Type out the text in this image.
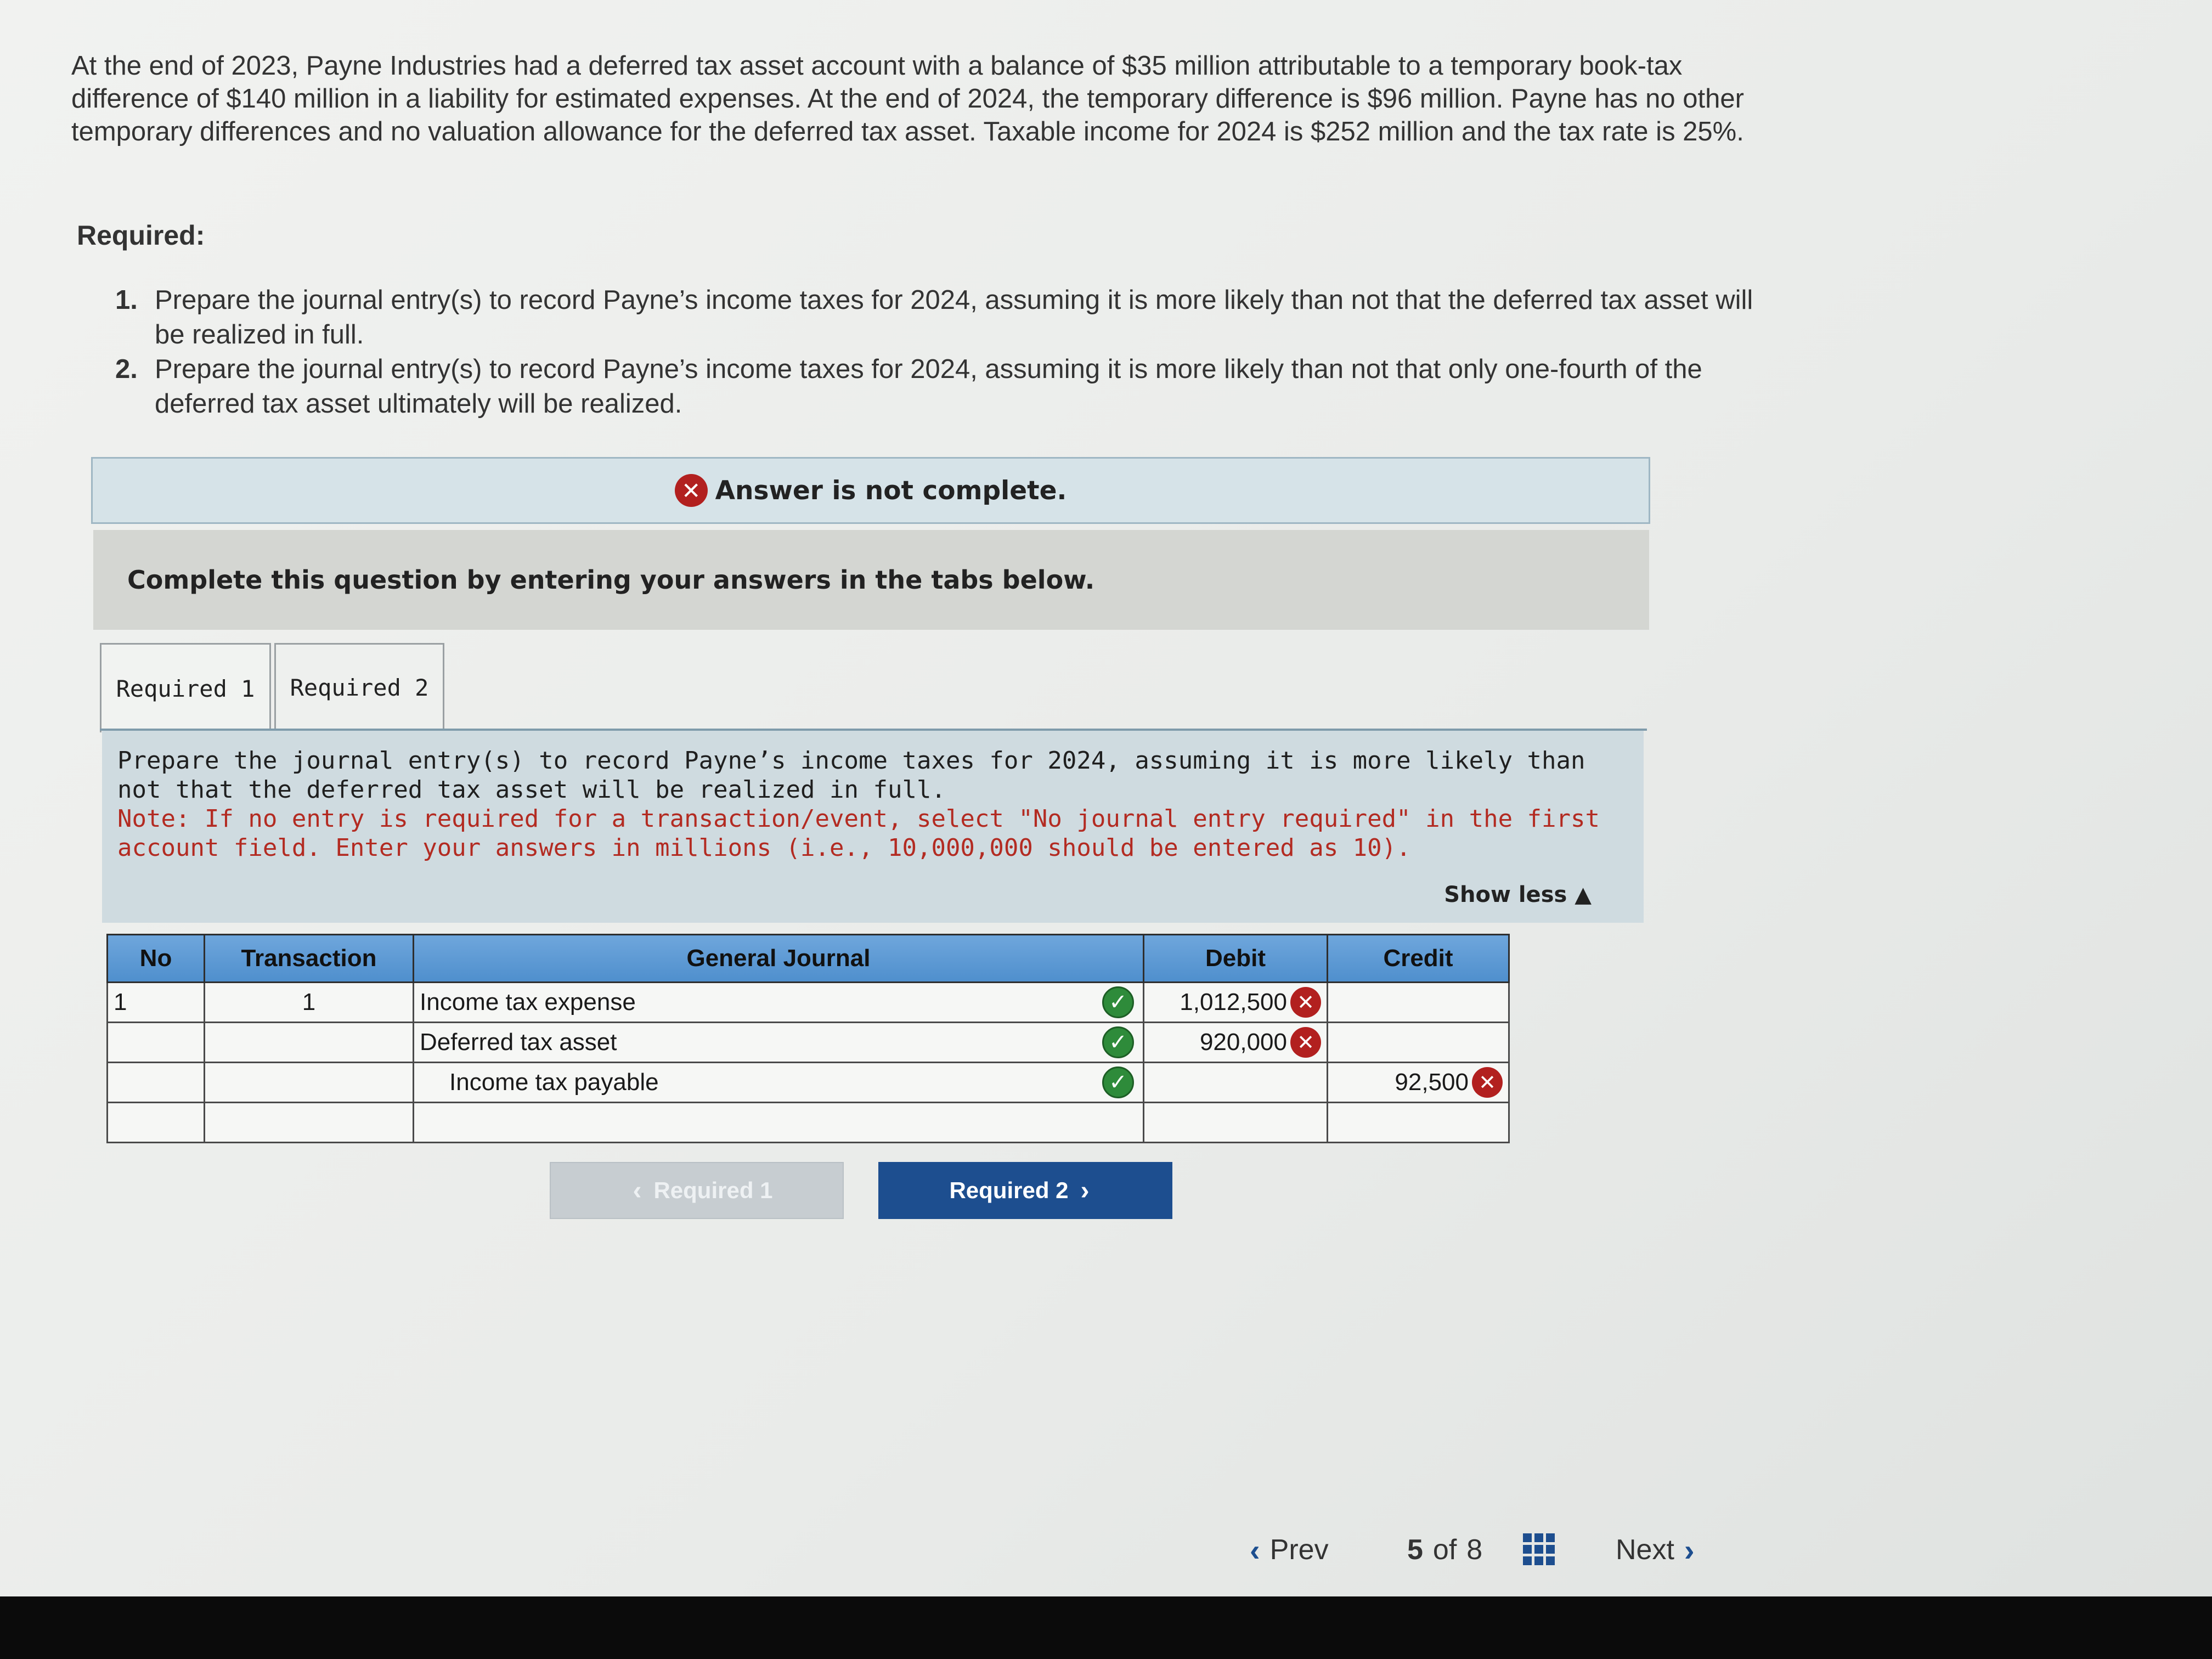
At the end of 2023, Payne Industries had a deferred tax asset account with a balance of $35 million attributable to a temporary book-tax difference of $140 million in a liability for estimated expenses. At the end of 2024, the temporary difference is $96 million. Payne has no other temporary differences and no valuation allowance for the deferred tax asset. Taxable income for 2024 is $252 million and the tax rate is 25%.
Required:
1. Prepare the journal entry(s) to record Payne’s income taxes for 2024, assuming it is more likely than not that the deferred tax asset will be realized in full.
2. Prepare the journal entry(s) to record Payne’s income taxes for 2024, assuming it is more likely than not that only one-fourth of the deferred tax asset ultimately will be realized.
✕ Answer is not complete.
Complete this question by entering your answers in the tabs below.
Required 1 Required 2
Prepare the journal entry(s) to record Payne’s income taxes for 2024, assuming it is more likely than not that the deferred tax asset will be realized in full.
Note: If no entry is required for a transaction/event, select "No journal entry required" in the first account field. Enter your answers in millions (i.e., 10,000,000 should be entered as 10).
Show less ▲
No	Transaction	General Journal	Debit	Credit
1	1	Income tax expense ✓	1,012,500 ✕	

		Deferred tax asset ✓	920,000 ✕	

		Income tax payable ✓		92,500 ✕

‹ Required 1	Required 2 ›
‹ Prev	5 of 8	Next ›
